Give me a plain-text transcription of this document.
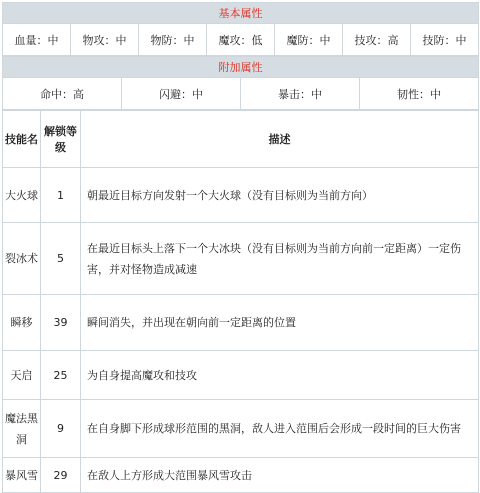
基本属性
血量：中	物攻：中	物防：中	魔攻：低	魔防：中	技攻：高	技防：中
附加属性
命中：高	闪避：中	暴击：中	韧性：中
技能名	解锁等级	描述
大火球	1	朝最近目标方向发射一个大火球（没有目标则为当前方向）
裂冰术	5	在最近目标头上落下一个大冰块（没有目标则为当前方向前一定距离）一定伤害，并对怪物造成减速
瞬移	39	瞬间消失，并出现在朝向前一定距离的位置
天启	25	为自身提高魔攻和技攻
魔法黑洞	9	在自身脚下形成球形范围的黑洞，敌人进入范围后会形成一段时间的巨大伤害
暴风雪	29	在敌人上方形成大范围暴风雪攻击
